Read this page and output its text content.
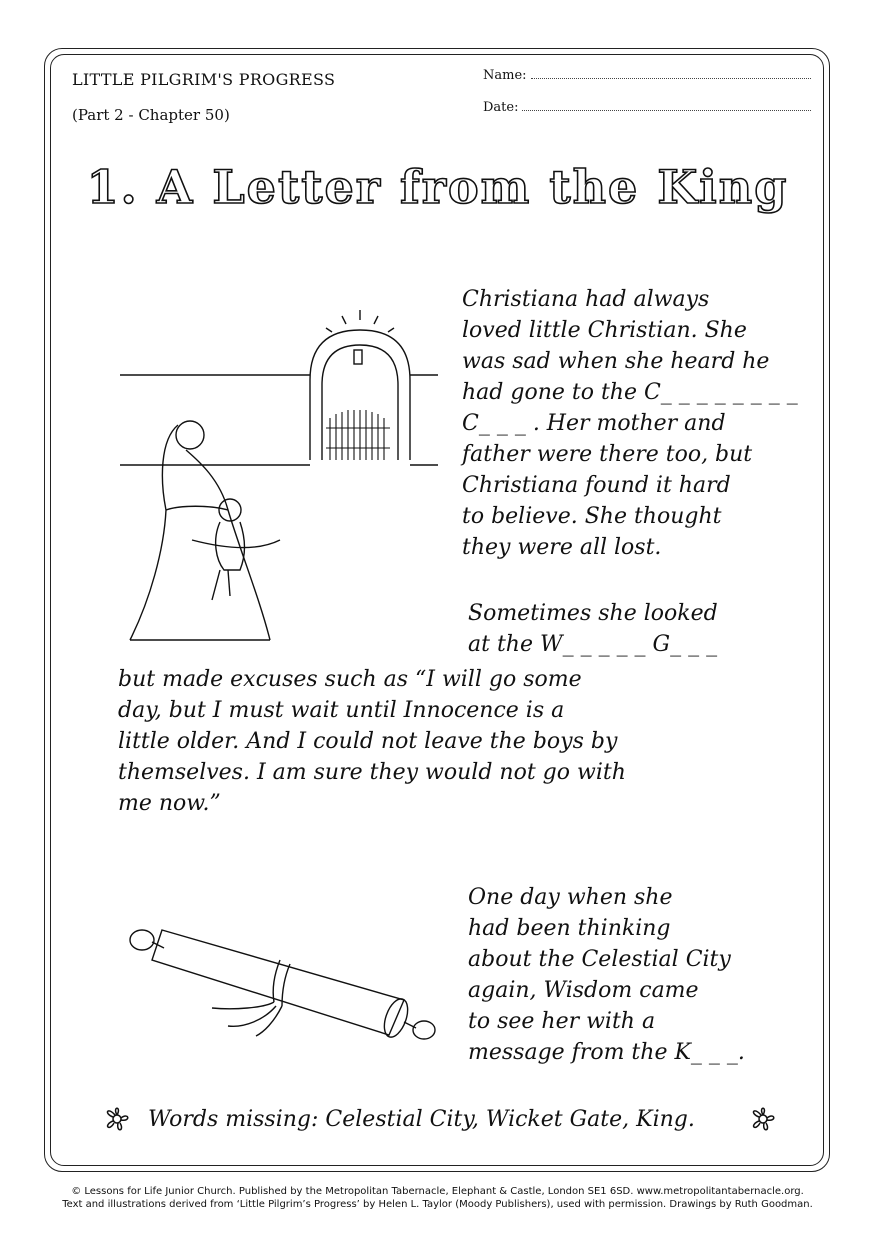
LITTLE PILGRIM'S PROGRESS
(Part 2 - Chapter 50)
Name:
Date:
1. A Letter from the King
Christiana had always
loved little Christian. She
was sad when she heard he
had gone to the C_ _ _ _ _ _ _ _
C_ _ _ . Her mother and
father were there too, but
Christiana found it hard
to believe. She thought
they were all lost.
Sometimes she looked
at the W_ _ _ _ _ G_ _ _
but made excuses such as “I will go some
day, but I must wait until Innocence is a
little older. And I could not leave the boys by
themselves. I am sure they would not go with
me now.”
One day when she
had been thinking
about the Celestial City
again, Wisdom came
to see her with a
message from the K_ _ _.
Words missing: Celestial City, Wicket Gate, King.
© Lessons for Life Junior Church. Published by the Metropolitan Tabernacle, Elephant & Castle, London SE1 6SD. www.metropolitantabernacle.org.
Text and illustrations derived from ‘Little Pilgrim’s Progress’ by Helen L. Taylor (Moody Publishers), used with permission. Drawings by Ruth Goodman.
